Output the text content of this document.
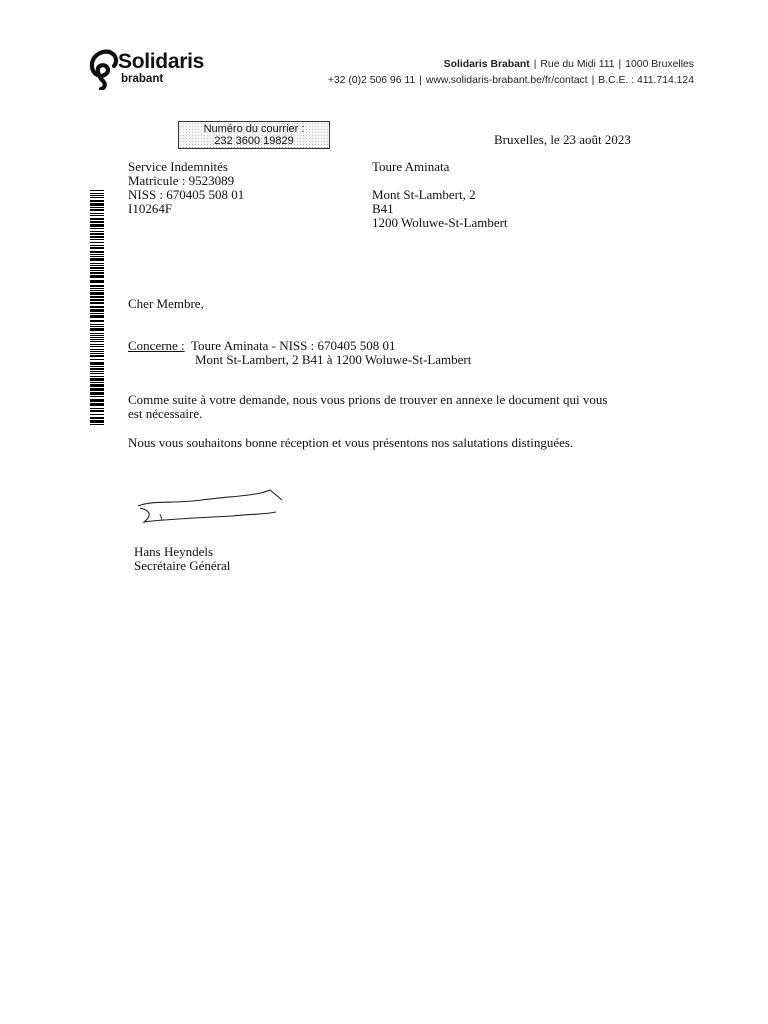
Solidaris
brabant
Solidaris Brabant | Rue du Midi 111 | 1000 Bruxelles
+32 (0)2 506 96 11 | www.solidaris-brabant.be/fr/contact | B.C.E. : 411.714.124
Numéro du courrier :
232 3600 19829	Bruxelles, le 23 août 2023
Service Indemnités
Matricule : 9523089
NISS : 670405 508 01
I10264F
Toure Aminata
Mont St-Lambert, 2
B41
1200 Woluwe-St-Lambert
Cher Membre,
Concerne : Toure Aminata - NISS : 670405 508 01
Mont St-Lambert, 2 B41 à 1200 Woluwe-St-Lambert
Comme suite à votre demande, nous vous prions de trouver en annexe le document qui vous
est nécessaire.
Nous vous souhaitons bonne réception et vous présentons nos salutations distinguées.
Hans Heyndels
Secrétaire Général
